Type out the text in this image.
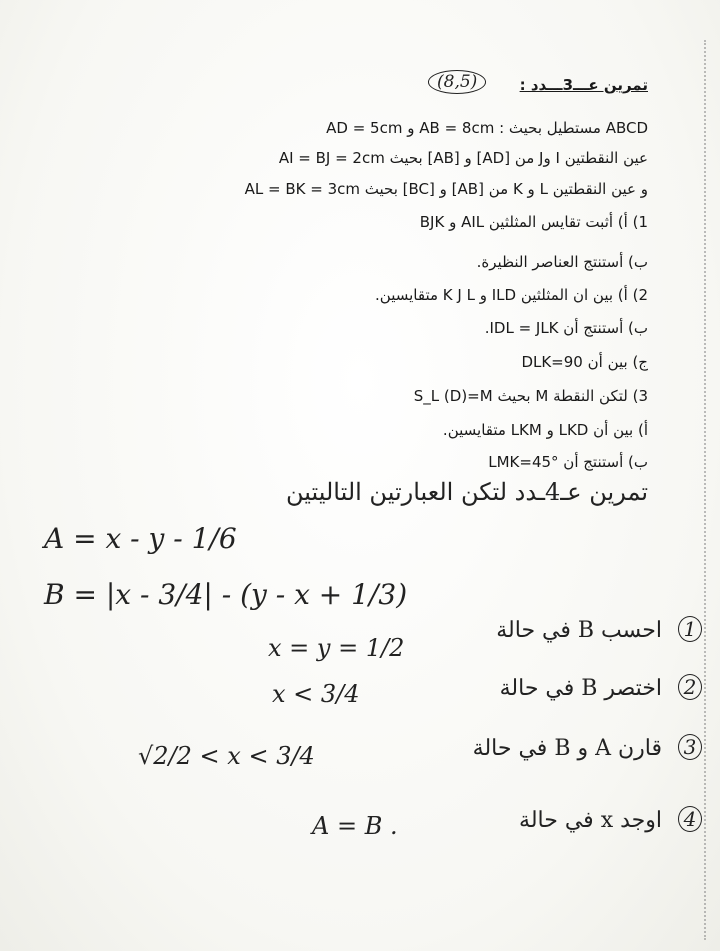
تمرين عـــ3ـــدد :
(8,5)
ABCD مستطيل بحيث : AB = 8cm و AD = 5cm
عين النقطتين I وJ من [AD] و [AB] بحيث AI = BJ = 2cm
و عين النقطتين L و K من [AB] و [BC] بحيث AL = BK = 3cm
1) أ) أثبت تقايس المثلثين AIL و BJK
ب) أستنتج العناصر النظيرة.
2) أ) بين ان المثلثين ILD و K J L متقايسين.
ب) أستنتج أن IDL = JLK.
ج) بين أن DLK=90
3) لتكن النقطة M بحيث S_L (D)=M
أ) بين أن LKD و LKM متقايسين.
ب) أستنتج أن LMK=45°
تمرين عـ4ـدد لتكن العبارتين التاليتين
A = x - y - 1/6
B = |x - 3/4| - (y - x + 1/3)
1
احسب B في حالة
x = y = 1/2
2
اختصر B في حالة
x < 3/4
3
قارن A و B في حالة
√2/2 < x < 3/4
4
اوجد x في حالة
A = B .
